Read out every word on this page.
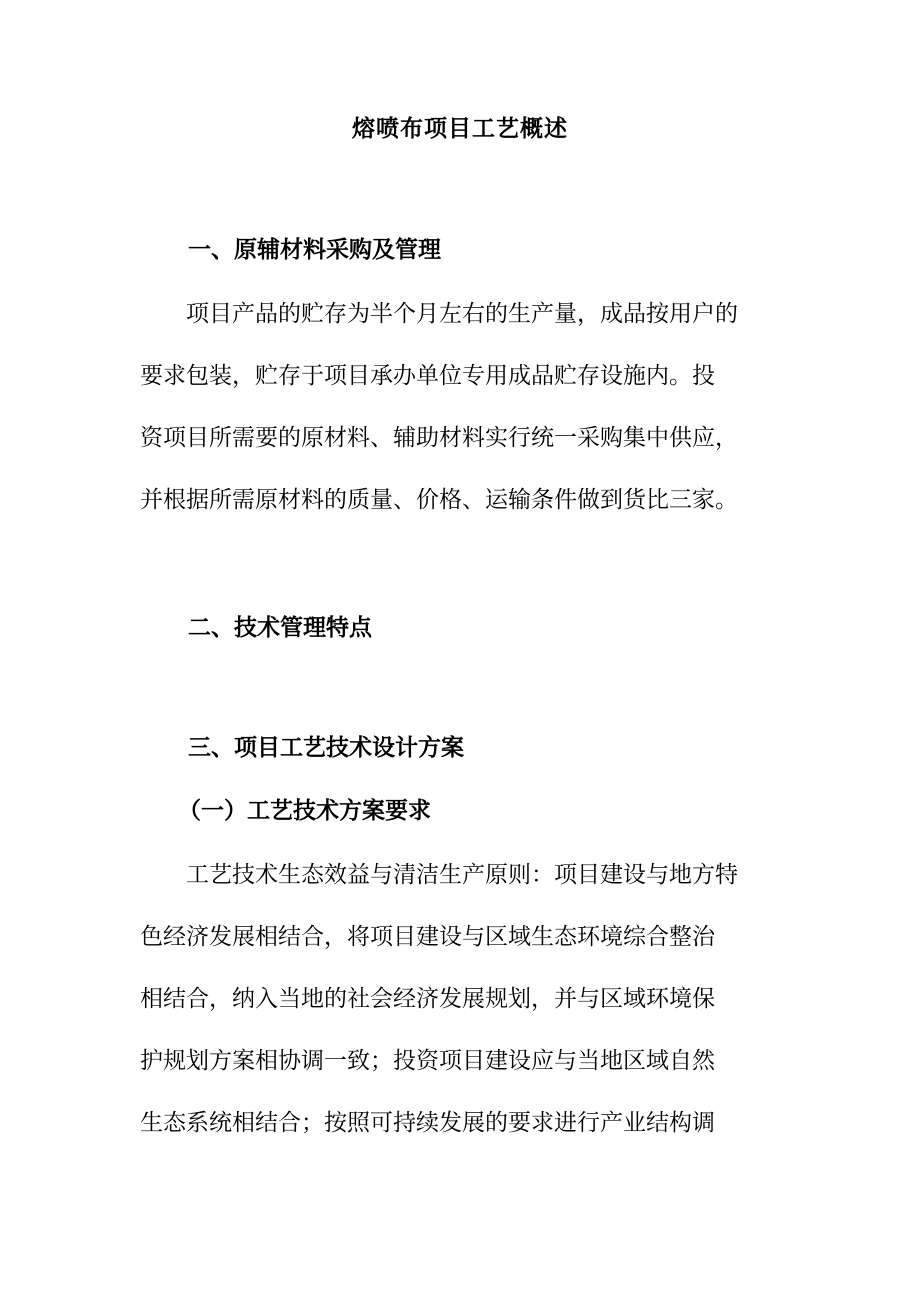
熔喷布项目工艺概述
一、原辅材料采购及管理
项目产品的贮存为半个月左右的生产量，成品按用户的
要求包装，贮存于项目承办单位专用成品贮存设施内。投
资项目所需要的原材料、辅助材料实行统一采购集中供应，
并根据所需原材料的质量、价格、运输条件做到货比三家。
二、技术管理特点
三、项目工艺技术设计方案
（一）工艺技术方案要求
工艺技术生态效益与清洁生产原则：项目建设与地方特
色经济发展相结合，将项目建设与区域生态环境综合整治
相结合，纳入当地的社会经济发展规划，并与区域环境保
护规划方案相协调一致；投资项目建设应与当地区域自然
生态系统相结合；按照可持续发展的要求进行产业结构调
